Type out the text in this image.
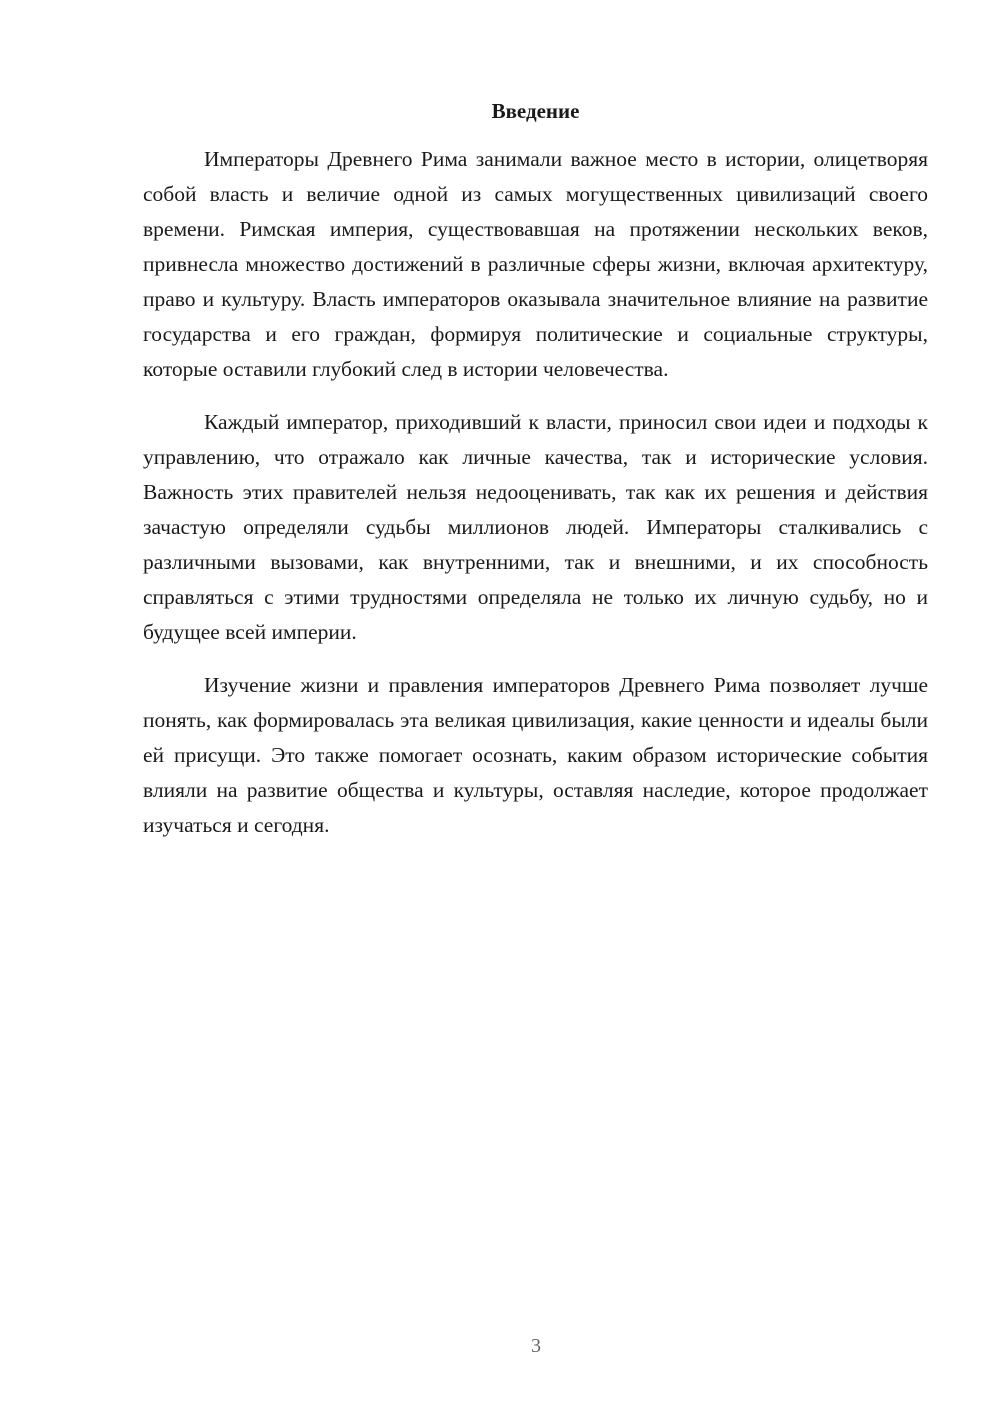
Введение

Императоры Древнего Рима занимали важное место в истории, олицетворяя собой власть и величие одной из самых могущественных цивилизаций своего времени. Римская империя, существовавшая на протяжении нескольких веков, привнесла множество достижений в различные сферы жизни, включая архитектуру, право и культуру. Власть императоров оказывала значительное влияние на развитие государства и его граждан, формируя политические и социальные структуры, которые оставили глубокий след в истории человечества.

Каждый император, приходивший к власти, приносил свои идеи и подходы к управлению, что отражало как личные качества, так и исторические условия. Важность этих правителей нельзя недооценивать, так как их решения и действия зачастую определяли судьбы миллионов людей. Императоры сталкивались с различными вызовами, как внутренними, так и внешними, и их способность справляться с этими трудностями определяла не только их личную судьбу, но и будущее всей империи.

Изучение жизни и правления императоров Древнего Рима позволяет лучше понять, как формировалась эта великая цивилизация, какие ценности и идеалы были ей присущи. Это также помогает осознать, каким образом исторические события влияли на развитие общества и культуры, оставляя наследие, которое продолжает изучаться и сегодня.

3
